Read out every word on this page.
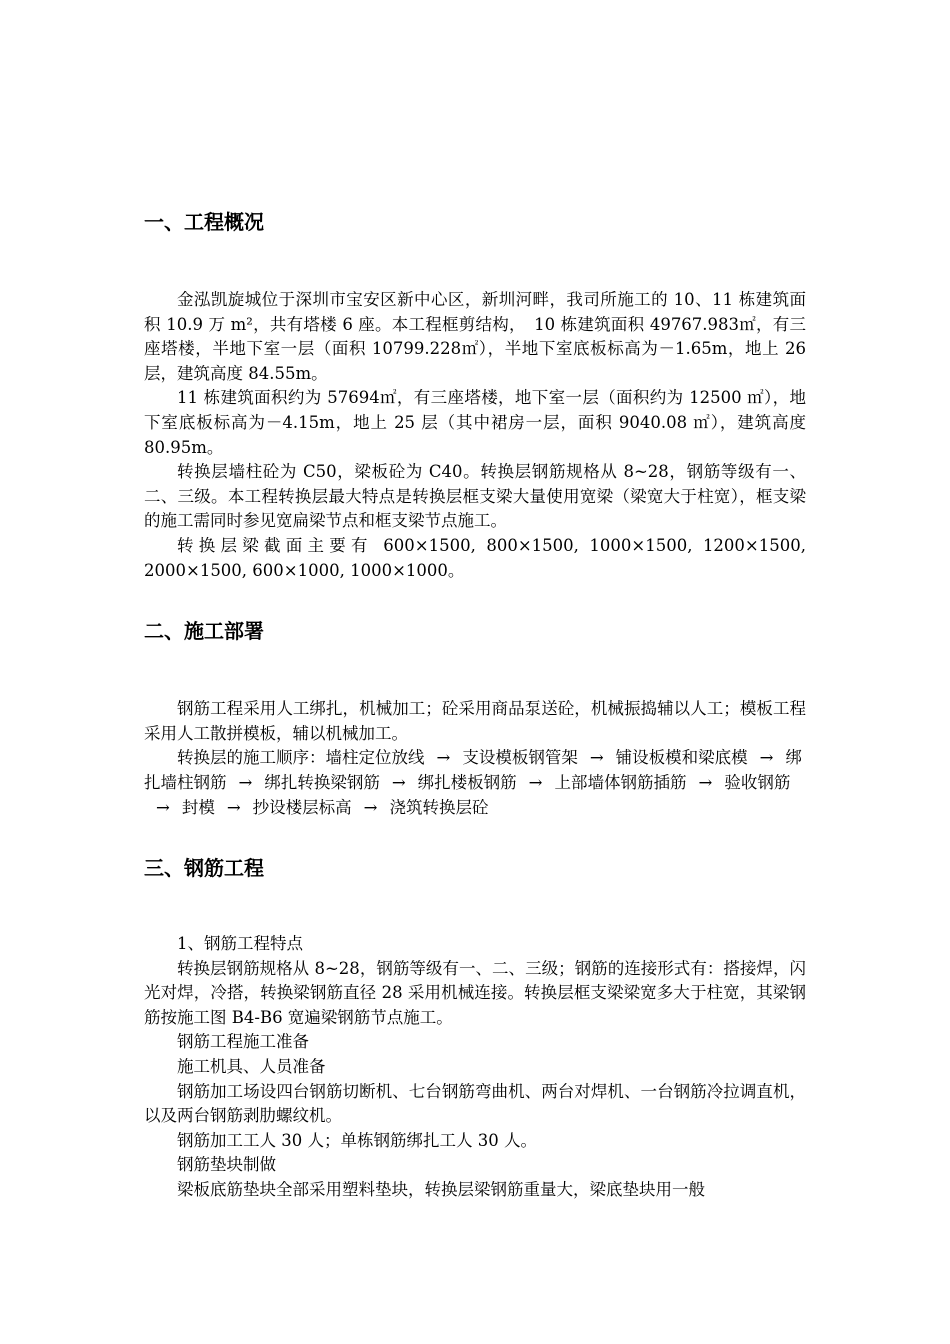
一、工程概况

金泓凯旋城位于深圳市宝安区新中心区，新圳河畔，我司所施工的 10、11 栋建筑面积 10.9 万 m²，共有塔楼 6 座。本工程框剪结构，　10 栋建筑面积 49767.983㎡，有三座塔楼，半地下室一层（面积 10799.228㎡），半地下室底板标高为－1.65m，地上 26 层，建筑高度 84.55m。

11 栋建筑面积约为 57694㎡，有三座塔楼，地下室一层（面积约为 12500 ㎡），地下室底板标高为－4.15m，地上 25 层（其中裙房一层，面积 9040.08 ㎡），建筑高度 80.95m。

转换层墙柱砼为 C50，梁板砼为 C40。转换层钢筋规格从 8~28，钢筋等级有一、二、三级。本工程转换层最大特点是转换层框支梁大量使用宽梁（梁宽大于柱宽），框支梁的施工需同时参见宽扁梁节点和框支梁节点施工。

转换层梁截面主要有 600×1500, 800×1500, 1000×1500, 1200×1500, 2000×1500, 600×1000, 1000×1000。

二、施工部署

钢筋工程采用人工绑扎，机械加工；砼采用商品泵送砼，机械振捣辅以人工；模板工程采用人工散拼模板，辅以机械加工。

转换层的施工顺序：墙柱定位放线 → 支设模板钢管架 → 铺设板模和梁底模 → 绑扎墙柱钢筋 → 绑扎转换梁钢筋 → 绑扎楼板钢筋 → 上部墙体钢筋插筋 → 验收钢筋→ 封模 → 抄设楼层标高 → 浇筑转换层砼

三、钢筋工程

1、钢筋工程特点

转换层钢筋规格从 8~28，钢筋等级有一、二、三级；钢筋的连接形式有：搭接焊，闪光对焊，冷搭，转换梁钢筋直径 28 采用机械连接。转换层框支梁梁宽多大于柱宽，其梁钢筋按施工图 B4-B6 宽遍梁钢筋节点施工。

钢筋工程施工准备

施工机具、人员准备

钢筋加工场设四台钢筋切断机、七台钢筋弯曲机、两台对焊机、一台钢筋冷拉调直机，以及两台钢筋剥肋螺纹机。

钢筋加工工人 30 人；单栋钢筋绑扎工人 30 人。

钢筋垫块制做

梁板底筋垫块全部采用塑料垫块，转换层梁钢筋重量大，梁底垫块用一般
